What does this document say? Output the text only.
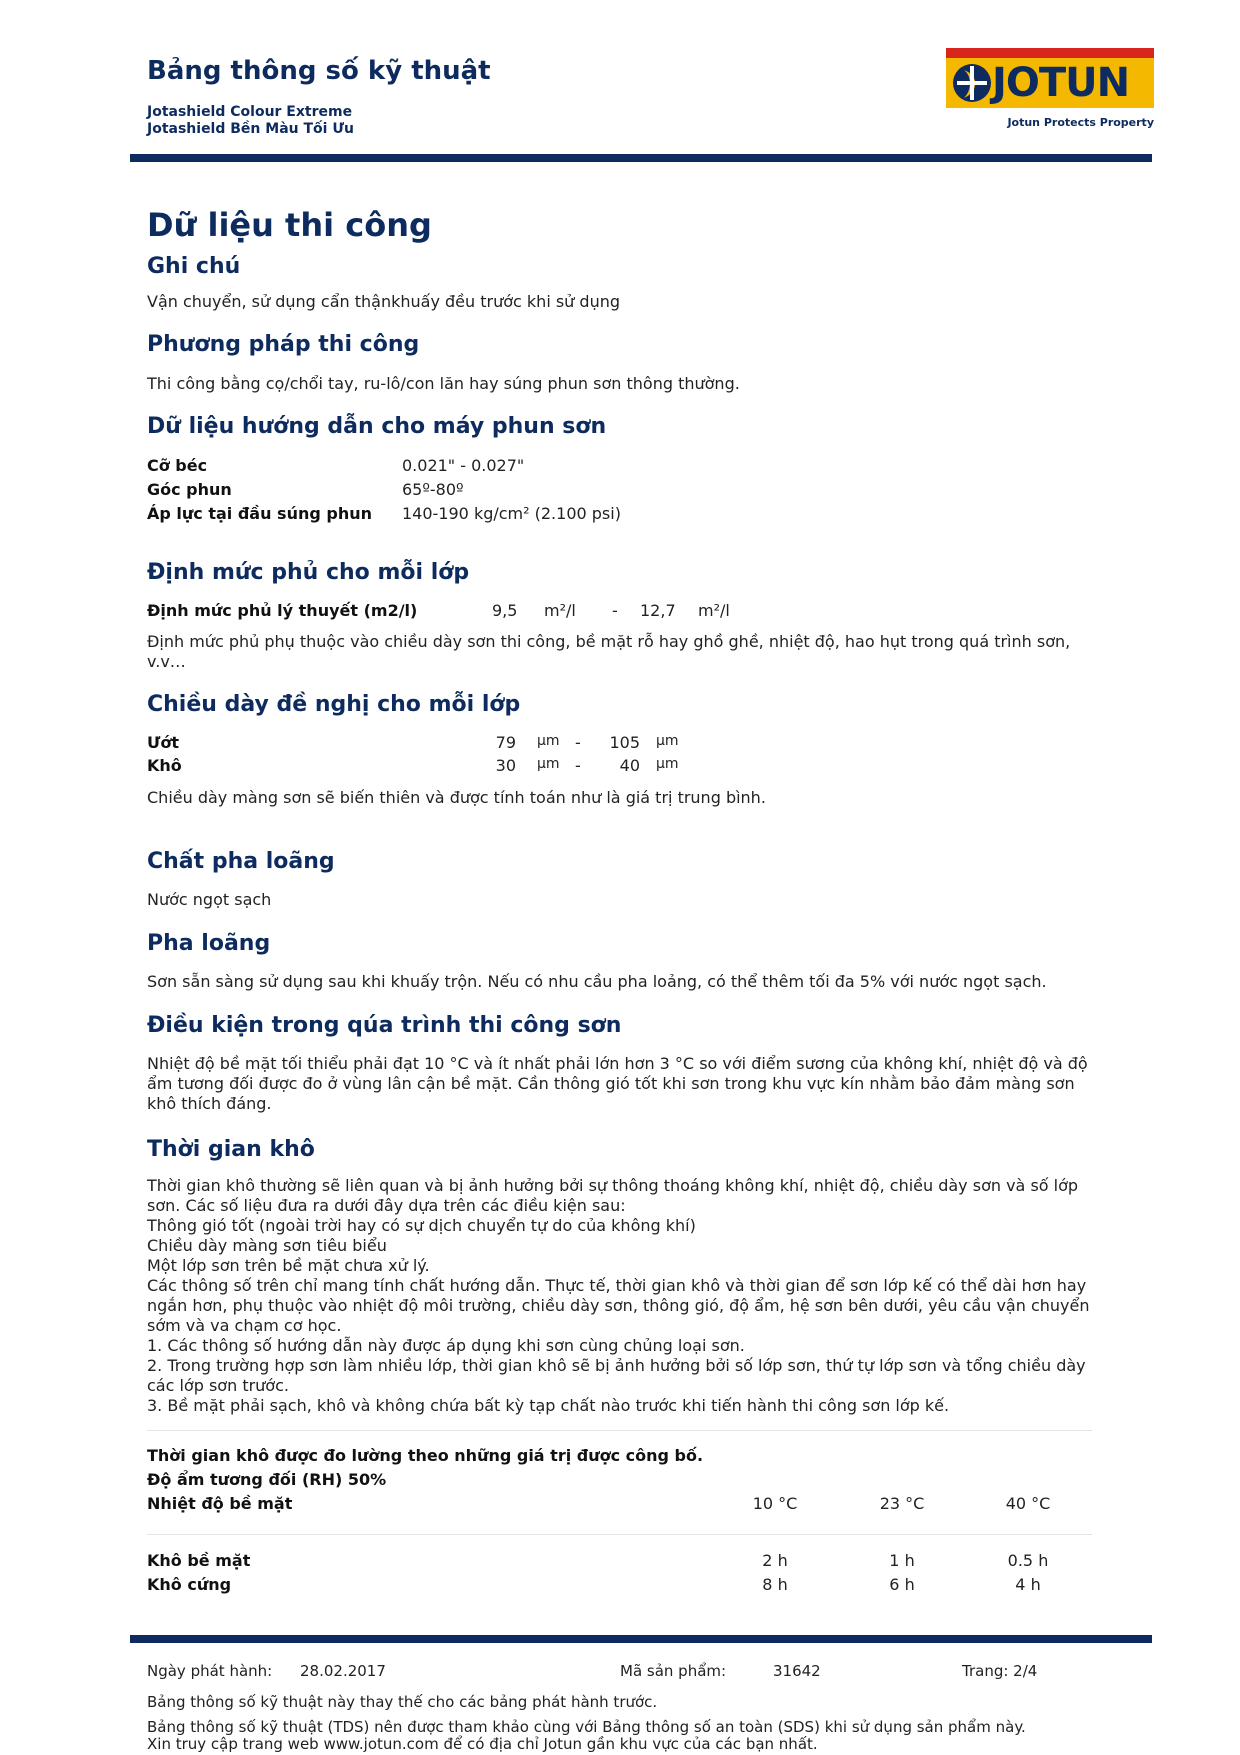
Bảng thông số kỹ thuật
Jotashield Colour Extreme
Jotashield Bền Màu Tối Ưu
JOTUN
Jotun Protects Property
Dữ liệu thi công
Ghi chú
Vận chuyển, sử dụng cẩn thậnkhuấy đều trước khi sử dụng
Phương pháp thi công
Thi công bằng cọ/chổi tay, ru-lô/con lăn hay súng phun sơn thông thường.
Dữ liệu hướng dẫn cho máy phun sơn
Cỡ béc	0.021" - 0.027"
Góc phun	65º-80º
Áp lực tại đầu súng phun 140-190 kg/cm² (2.100 psi)
Định mức phủ cho mỗi lớp
Định mức phủ lý thuyết (m2/l)	9,5 m²/l - 12,7 m²/l
Định mức phủ phụ thuộc vào chiều dày sơn thi công, bề mặt rỗ hay ghồ ghề, nhiệt độ, hao hụt trong quá trình sơn, v.v…
Chiều dày đề nghị cho mỗi lớp
Ướt	79 µm -	105 µm
Khô	30 µm -	40 µm
Chiều dày màng sơn sẽ biến thiên và được tính toán như là giá trị trung bình.
Chất pha loãng
Nước ngọt sạch
Pha loãng
Sơn sẵn sàng sử dụng sau khi khuấy trộn. Nếu có nhu cầu pha loảng, có thể thêm tối đa 5% với nước ngọt sạch.
Điều kiện trong qúa trình thi công sơn
Nhiệt độ bề mặt tối thiểu phải đạt 10 °C và ít nhất phải lớn hơn 3 °C so với điểm sương của không khí, nhiệt độ và độ ẩm tương đối được đo ở vùng lân cận bề mặt. Cần thông gió tốt khi sơn trong khu vực kín nhằm bảo đảm màng sơn khô thích đáng.
Thời gian khô
Thời gian khô thường sẽ liên quan và bị ảnh hưởng bởi sự thông thoáng không khí, nhiệt độ, chiều dày sơn và số lớp sơn. Các số liệu đưa ra dưới đây dựa trên các điều kiện sau:
Thông gió tốt (ngoài trời hay có sự dịch chuyển tự do của không khí)
Chiều dày màng sơn tiêu biểu
Một lớp sơn trên bề mặt chưa xử lý.
Các thông số trên chỉ mang tính chất hướng dẫn. Thực tế, thời gian khô và thời gian để sơn lớp kế có thể dài hơn hay ngắn hơn, phụ thuộc vào nhiệt độ môi trường, chiều dày sơn, thông gió, độ ẩm, hệ sơn bên dưới, yêu cầu vận chuyển sớm và va chạm cơ học.
1. Các thông số hướng dẫn này được áp dụng khi sơn cùng chủng loại sơn.
2. Trong trường hợp sơn làm nhiều lớp, thời gian khô sẽ bị ảnh hưởng bởi số lớp sơn, thứ tự lớp sơn và tổng chiều dày các lớp sơn trước.
3. Bề mặt phải sạch, khô và không chứa bất kỳ tạp chất nào trước khi tiến hành thi công sơn lớp kế.
Thời gian khô được đo lường theo những giá trị được công bố.
Độ ẩm tương đối (RH) 50%
Nhiệt độ bề mặt	10 °C	23 °C	40 °C
Khô bề mặt	2 h	1 h	0.5 h
Khô cứng	8 h	6 h	4 h
Ngày phát hành: 28.02.2017	Mã sản phẩm:	31642	Trang: 2/4
Bảng thông số kỹ thuật này thay thế cho các bảng phát hành trước.
Bảng thông số kỹ thuật (TDS) nên được tham khảo cùng với Bảng thông số an toàn (SDS) khi sử dụng sản phẩm này.
Xin truy cập trang web www.jotun.com để có địa chỉ Jotun gần khu vực của các bạn nhất.
